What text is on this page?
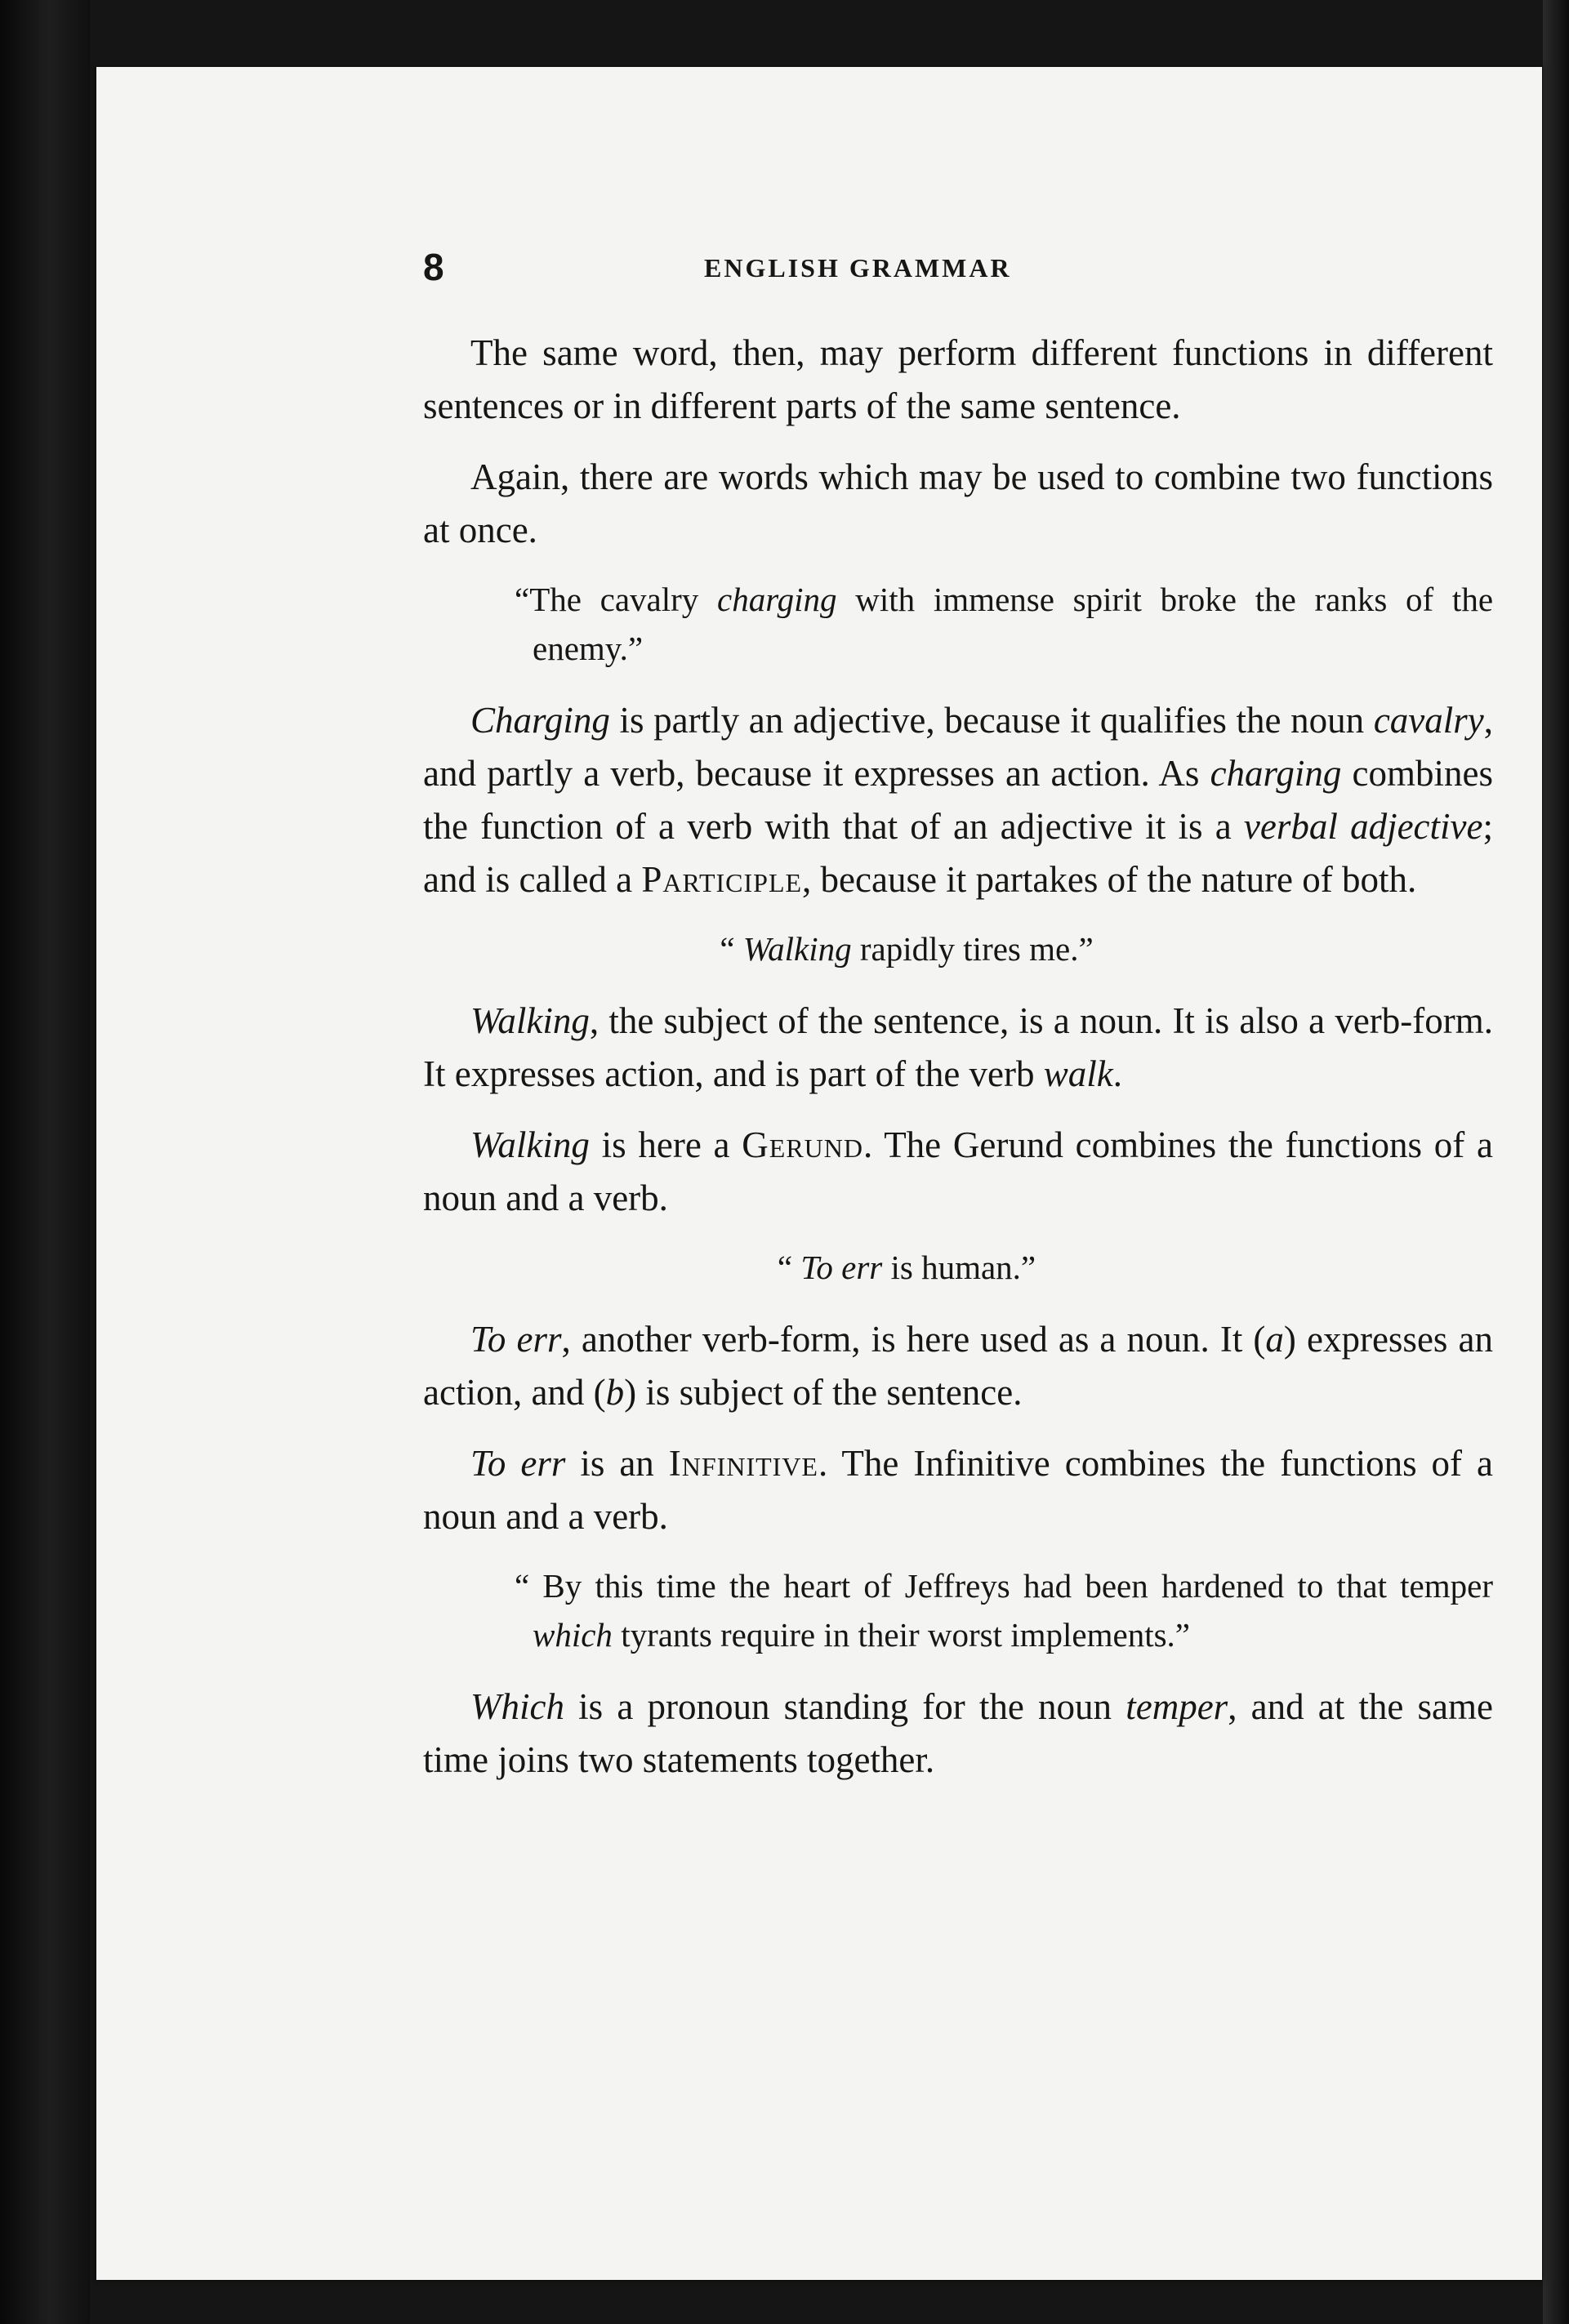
8	ENGLISH GRAMMAR

The same word, then, may perform different functions in different sentences or in different parts of the same sentence.

Again, there are words which may be used to combine two functions at once.

“The cavalry charging with immense spirit broke the ranks of the enemy.”

Charging is partly an adjective, because it qualifies the noun cavalry, and partly a verb, because it expresses an action. As charging combines the function of a verb with that of an adjective it is a verbal adjective; and is called a Participle, because it partakes of the nature of both.

“ Walking rapidly tires me.”

Walking, the subject of the sentence, is a noun. It is also a verb-form. It expresses action, and is part of the verb walk.

Walking is here a Gerund. The Gerund combines the functions of a noun and a verb.

“ To err is human.”

To err, another verb-form, is here used as a noun. It (a) expresses an action, and (b) is subject of the sentence.

To err is an Infinitive. The Infinitive combines the functions of a noun and a verb.

“ By this time the heart of Jeffreys had been hardened to that temper which tyrants require in their worst implements.”

Which is a pronoun standing for the noun temper, and at the same time joins two statements together.
